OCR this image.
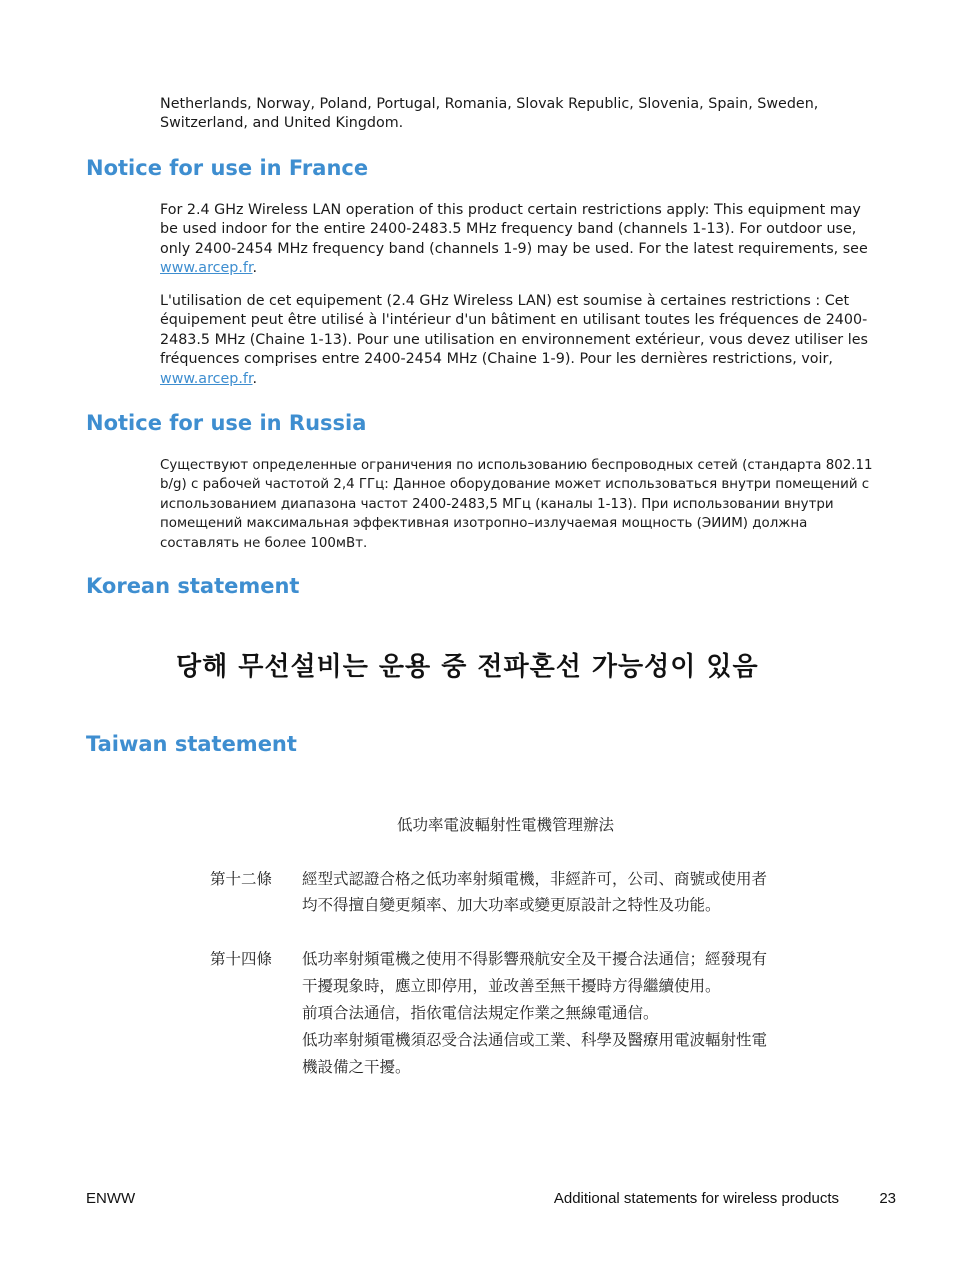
Netherlands, Norway, Poland, Portugal, Romania, Slovak Republic, Slovenia, Spain, Sweden,
Switzerland, and United Kingdom.

Notice for use in France

For 2.4 GHz Wireless LAN operation of this product certain restrictions apply: This equipment may be used indoor for the entire 2400-2483.5 MHz frequency band (channels 1-13). For outdoor use, only 2400-2454 MHz frequency band (channels 1-9) may be used. For the latest requirements, see www.arcep.fr.

L'utilisation de cet equipement (2.4 GHz Wireless LAN) est soumise à certaines restrictions : Cet équipement peut être utilisé à l'intérieur d'un bâtiment en utilisant toutes les fréquences de 2400-2483.5 MHz (Chaine 1-13). Pour une utilisation en environnement extérieur, vous devez utiliser les fréquences comprises entre 2400-2454 MHz (Chaine 1-9). Pour les dernières restrictions, voir, www.arcep.fr.

Notice for use in Russia

Существуют определенные ограничения по использованию беспроводных сетей (стандарта 802.11 b/g) с рабочей частотой 2,4 ГГц: Данное оборудование может использоваться внутри помещений с использованием диапазона частот 2400-2483,5 МГц (каналы 1-13). При использовании внутри помещений максимальная эффективная изотропно–излучаемая мощность (ЭИИМ) должна составлять не более 100мВт.

Korean statement

당해 무선설비는 운용 중 전파혼선 가능성이 있음

Taiwan statement

低功率電波輻射性電機管理辦法

第十二條 經型式認證合格之低功率射頻電機，非經許可，公司、商號或使用者

均不得擅自變更頻率、加大功率或變更原設計之特性及功能。

第十四條 低功率射頻電機之使用不得影響飛航安全及干擾合法通信；經發現有

干擾現象時，應立即停用，並改善至無干擾時方得繼續使用。

前項合法通信，指依電信法規定作業之無線電通信。

低功率射頻電機須忍受合法通信或工業、科學及醫療用電波輻射性電

機設備之干擾。

ENWW	Additional statements for wireless products	23
